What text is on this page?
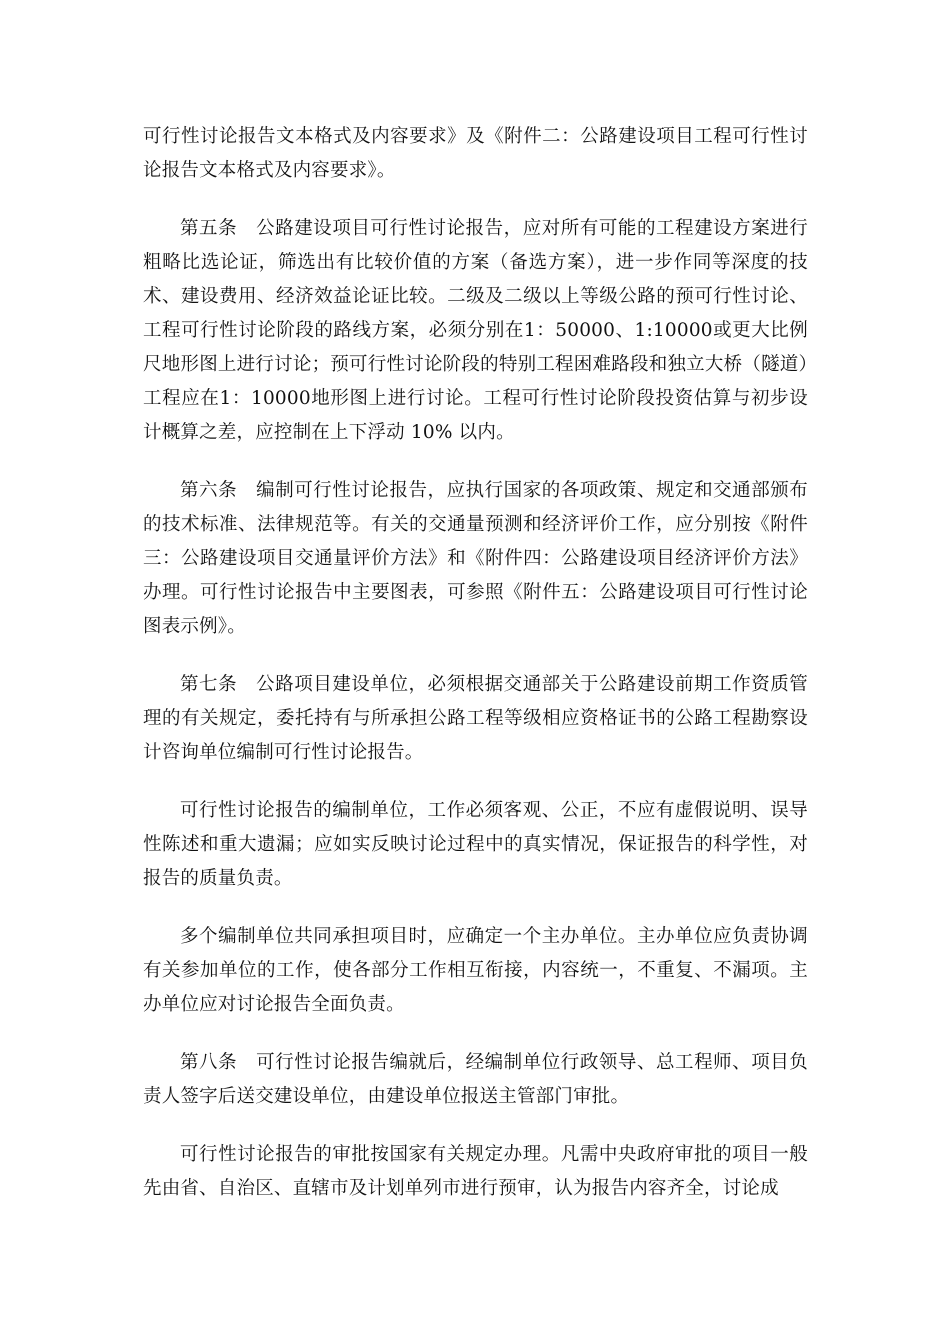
可行性讨论报告文本格式及内容要求》及《附件二：公路建设项目工程可行性讨论报告文本格式及内容要求》。

第五条　公路建设项目可行性讨论报告，应对所有可能的工程建设方案进行粗略比选论证，筛选出有比较价值的方案（备选方案），进一步作同等深度的技术、建设费用、经济效益论证比较。二级及二级以上等级公路的预可行性讨论、工程可行性讨论阶段的路线方案，必须分别在1：50000、1:10000或更大比例尺地形图上进行讨论；预可行性讨论阶段的特别工程困难路段和独立大桥（隧道）工程应在1：10000地形图上进行讨论。工程可行性讨论阶段投资估算与初步设计概算之差，应控制在上下浮动 10% 以内。

第六条　编制可行性讨论报告，应执行国家的各项政策、规定和交通部颁布的技术标准、法律规范等。有关的交通量预测和经济评价工作，应分别按《附件三：公路建设项目交通量评价方法》和《附件四：公路建设项目经济评价方法》办理。可行性讨论报告中主要图表，可参照《附件五：公路建设项目可行性讨论图表示例》。

第七条　公路项目建设单位，必须根据交通部关于公路建设前期工作资质管理的有关规定，委托持有与所承担公路工程等级相应资格证书的公路工程勘察设计咨询单位编制可行性讨论报告。

可行性讨论报告的编制单位，工作必须客观、公正，不应有虚假说明、误导性陈述和重大遗漏；应如实反映讨论过程中的真实情况，保证报告的科学性，对报告的质量负责。

多个编制单位共同承担项目时，应确定一个主办单位。主办单位应负责协调有关参加单位的工作，使各部分工作相互衔接，内容统一，不重复、不漏项。主办单位应对讨论报告全面负责。

第八条　可行性讨论报告编就后，经编制单位行政领导、总工程师、项目负责人签字后送交建设单位，由建设单位报送主管部门审批。

可行性讨论报告的审批按国家有关规定办理。凡需中央政府审批的项目一般先由省、自治区、直辖市及计划单列市进行预审，认为报告内容齐全，讨论成
